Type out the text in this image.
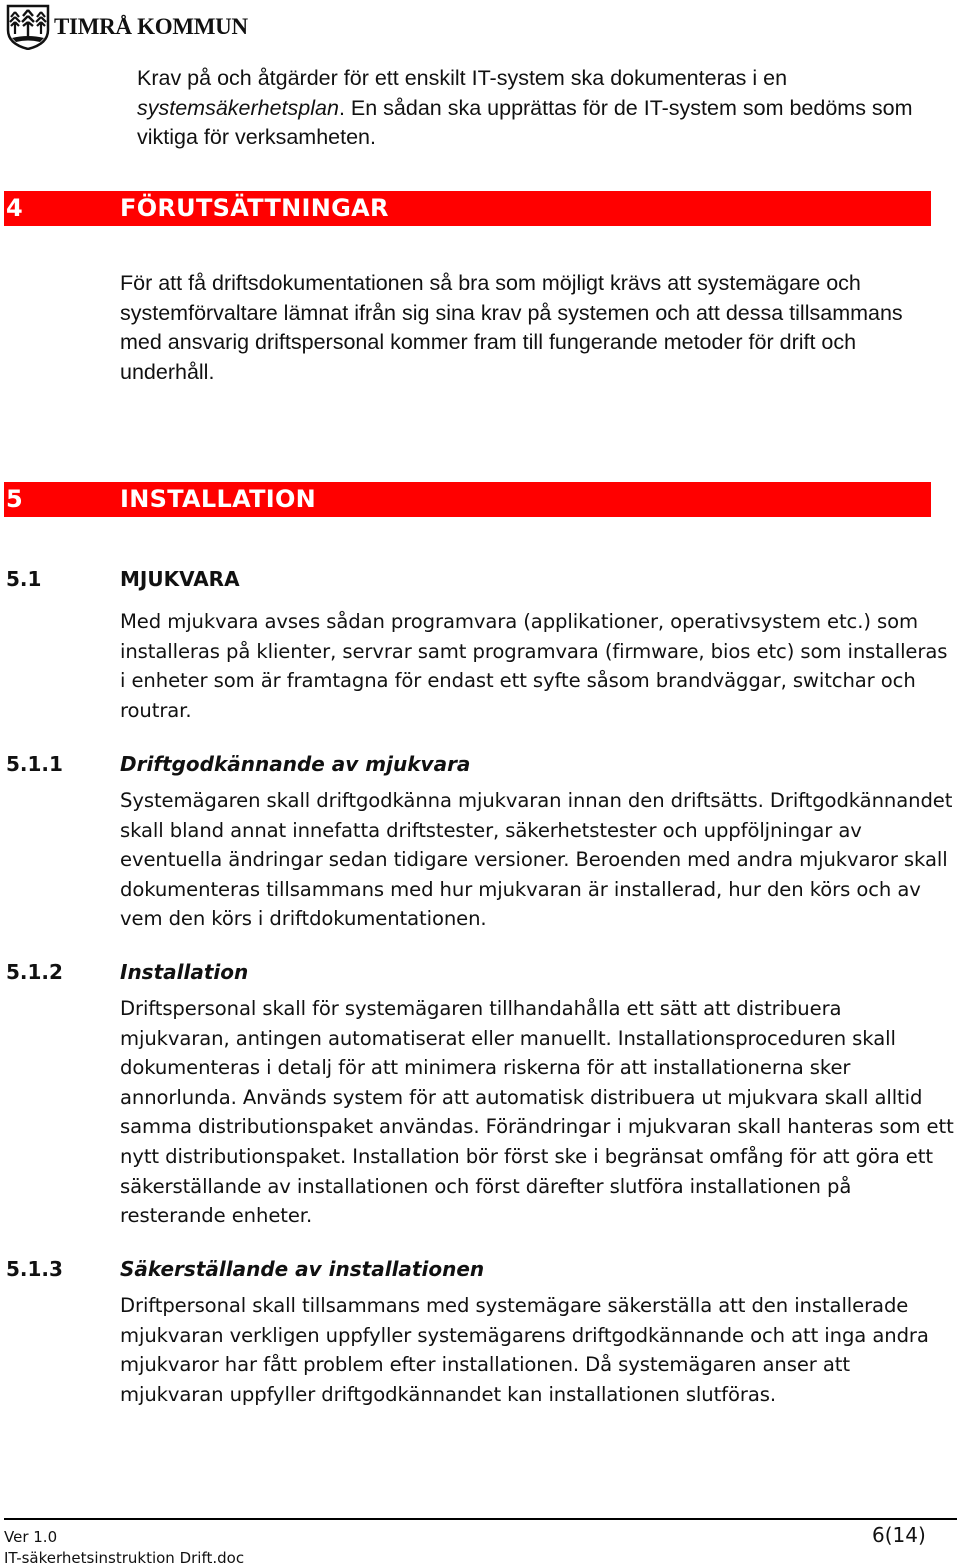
TIMRÅ KOMMUN
Krav på och åtgärder för ett enskilt IT-system ska dokumenteras i en systemsäkerhetsplan. En sådan ska upprättas för de IT-system som bedöms som viktiga för verksamheten.
4	FÖRUTSÄTTNINGAR
För att få driftsdokumentationen så bra som möjligt krävs att systemägare och systemförvaltare lämnat ifrån sig sina krav på systemen och att dessa tillsammans med ansvarig driftspersonal kommer fram till fungerande metoder för drift och underhåll.
5	INSTALLATION
5.1	MJUKVARA
Med mjukvara avses sådan programvara (applikationer, operativsystem etc.) som installeras på klienter, servrar samt programvara (firmware, bios etc) som installeras i enheter som är framtagna för endast ett syfte såsom brandväggar, switchar och routrar.
5.1.1	Driftgodkännande av mjukvara
Systemägaren skall driftgodkänna mjukvaran innan den driftsätts. Driftgodkännandet skall bland annat innefatta driftstester, säkerhetstester och uppföljningar av eventuella ändringar sedan tidigare versioner. Beroenden med andra mjukvaror skall dokumenteras tillsammans med hur mjukvaran är installerad, hur den körs och av vem den körs i driftdokumentationen.
5.1.2	Installation
Driftspersonal skall för systemägaren tillhandahålla ett sätt att distribuera mjukvaran, antingen automatiserat eller manuellt. Installationsproceduren skall dokumenteras i detalj för att minimera riskerna för att installationerna sker annorlunda. Används system för att automatisk distribuera ut mjukvara skall alltid samma distributionspaket användas. Förändringar i mjukvaran skall hanteras som ett nytt distributionspaket. Installation bör först ske i begränsat omfång för att göra ett säkerställande av installationen och först därefter slutföra installationen på resterande enheter.
5.1.3	Säkerställande av installationen
Driftpersonal skall tillsammans med systemägare säkerställa att den installerade mjukvaran verkligen uppfyller systemägarens driftgodkännande och att inga andra mjukvaror har fått problem efter installationen. Då systemägaren anser att mjukvaran uppfyller driftgodkännandet kan installationen slutföras.
Ver 1.0
IT-säkerhetsinstruktion Drift.doc
6(14)
